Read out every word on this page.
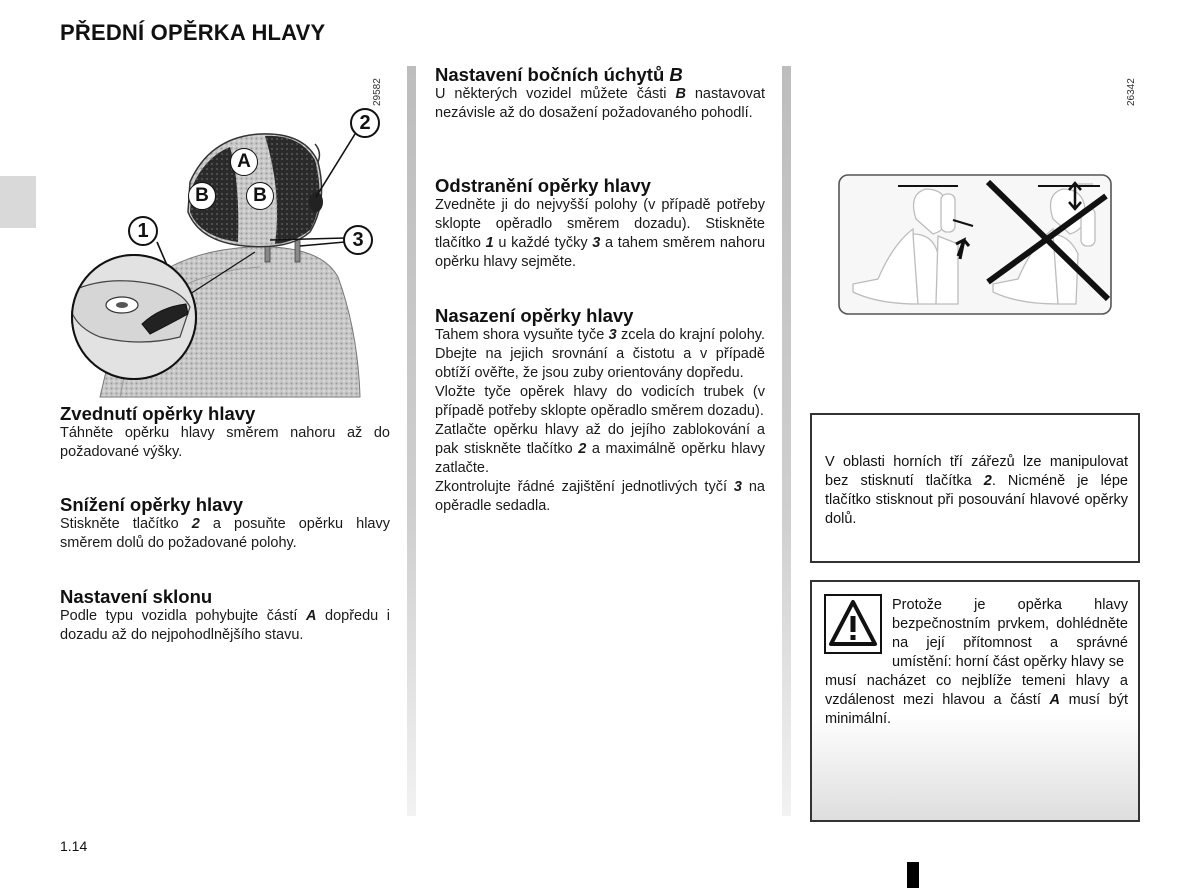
PŘEDNÍ OPĚRKA HLAVY
29582
2
3
1
A
B	B
Zvednutí opěrky hlavy

Táhněte opěrku hlavy směrem nahoru až do požadované výšky.

Snížení opěrky hlavy

Stiskněte tlačítko 2 a posuňte opěrku hlavy směrem dolů do požadované polohy.

Nastavení sklonu

Podle typu vozidla pohybujte částí A dopředu i dozadu až do nejpohodlnějšího stavu.

Nastavení bočních úchytů B

U některých vozidel můžete části B nastavovat nezávisle až do dosažení požadovaného pohodlí.

Odstranění opěrky hlavy

Zvedněte ji do nejvyšší polohy (v případě potřeby sklopte opěradlo směrem dozadu). Stiskněte tlačítko 1 u každé tyčky 3 a tahem směrem nahoru opěrku hlavy sejměte.

Nasazení opěrky hlavy

Tahem shora vysuňte tyče 3 zcela do krajní polohy. Dbejte na jejich srovnání a čistotu a v případě obtíží ověřte, že jsou zuby orientovány dopředu.

Vložte tyče opěrek hlavy do vodicích trubek (v případě potřeby sklopte opěradlo směrem dozadu).

Zatlačte opěrku hlavy až do jejího zablokování a pak stiskněte tlačítko 2 a maximálně opěrku hlavy zatlačte.

Zkontrolujte řádné zajištění jednotlivých tyčí 3 na opěradle sedadla.

26342

V oblasti horních tří zářezů lze manipulovat bez stisknutí tlačítka 2. Nicméně je lépe tlačítko stisknout při posouvání hlavové opěrky dolů.

Protože je opěrka hlavy bezpečnostním prvkem, dohlédněte na její přítomnost a správné umístění: horní část opěrky hlavy se

musí nacházet co nejblíže temeni hlavy a vzdálenost mezi hlavou a částí A musí být minimální.

1.14
